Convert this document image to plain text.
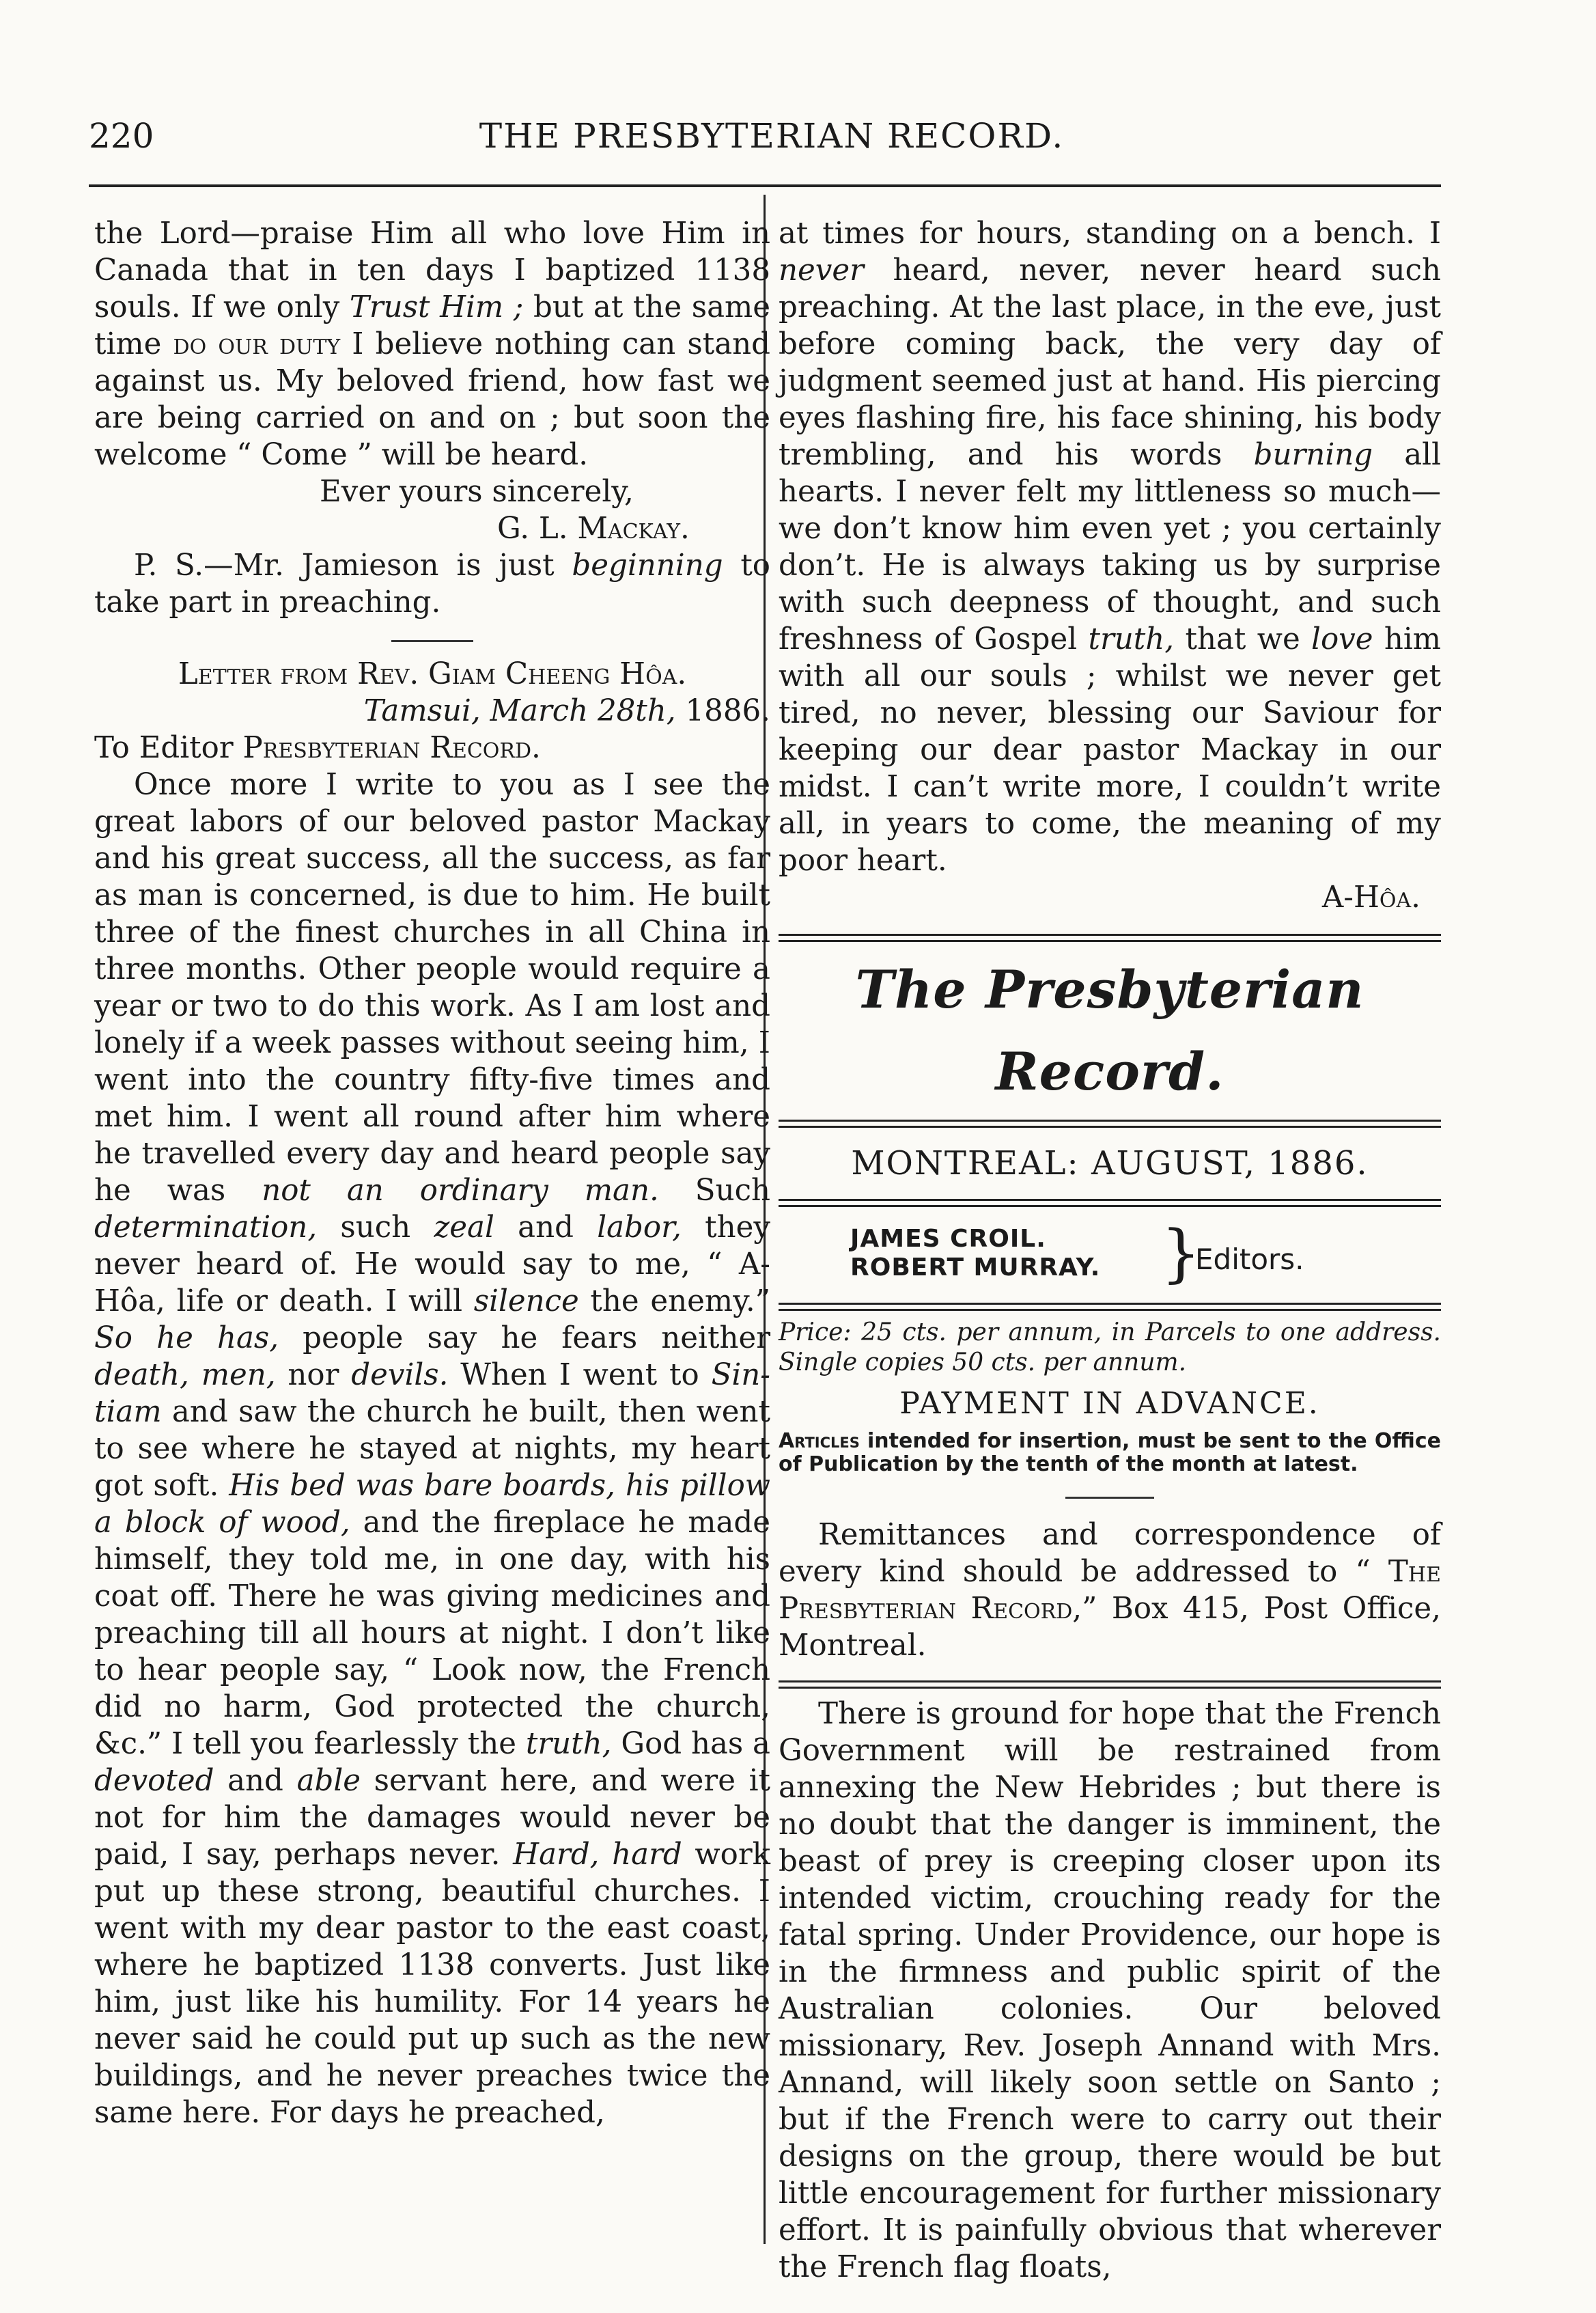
220	THE PRESBYTERIAN RECORD.

the Lord—praise Him all who love Him in Canada that in ten days I baptized 1138 souls. If we only Trust Him ; but at the same time do our duty I believe nothing can stand against us. My beloved friend, how fast we are being carried on and on ; but soon the welcome “ Come ” will be heard.

Ever yours sincerely,

G. L. Mackay.

P. S.—Mr. Jamieson is just beginning to take part in preaching.

Letter from Rev. Giam Cheeng Hôa.

Tamsui, March 28th, 1886.

To Editor Presbyterian Record.

Once more I write to you as I see the great labors of our beloved pastor Mackay and his great success, all the success, as far as man is concerned, is due to him. He built three of the finest churches in all China in three months. Other people would require a year or two to do this work. As I am lost and lonely if a week passes without seeing him, I went into the country fifty-five times and met him. I went all round after him where he travelled every day and heard people say he was not an ordinary man. Such determination, such zeal and labor, they never heard of. He would say to me, “ A-Hôa, life or death. I will silence the enemy.” So he has, people say he fears neither death, men, nor devils. When I went to Sin-tiam and saw the church he built, then went to see where he stayed at nights, my heart got soft. His bed was bare boards, his pillow a block of wood, and the fireplace he made himself, they told me, in one day, with his coat off. There he was giving medicines and preaching till all hours at night. I don’t like to hear people say, “ Look now, the French did no harm, God protected the church, &c.” I tell you fearlessly the truth, God has a devoted and able servant here, and were it not for him the damages would never be paid, I say, perhaps never. Hard, hard work put up these strong, beautiful churches. I went with my dear pastor to the east coast, where he baptized 1138 converts. Just like him, just like his humility. For 14 years he never said he could put up such as the new buildings, and he never preaches twice the same here. For days he preached,

at times for hours, standing on a bench. I never heard, never, never heard such preaching. At the last place, in the eve, just before coming back, the very day of judgment seemed just at hand. His piercing eyes flashing fire, his face shining, his body trembling, and his words burning all hearts. I never felt my littleness so much—we don’t know him even yet ; you certainly don’t. He is always taking us by surprise with such deepness of thought, and such freshness of Gospel truth, that we love him with all our souls ; whilst we never get tired, no never, blessing our Saviour for keeping our dear pastor Mackay in our midst. I can’t write more, I couldn’t write all, in years to come, the meaning of my poor heart.

A-Hôa.

The Presbyterian Record.
MONTREAL: AUGUST, 1886.
JAMES CROIL.
ROBERT MURRAY. }
Editors.

Price: 25 cts. per annum, in Parcels to one address. Single copies 50 cts. per annum.

PAYMENT IN ADVANCE.

Articles intended for insertion, must be sent to the Office of Publication by the tenth of the month at latest.

Remittances and correspondence of every kind should be addressed to “ The Presbyterian Record,” Box 415, Post Office, Montreal.

There is ground for hope that the French Government will be restrained from annexing the New Hebrides ; but there is no doubt that the danger is imminent, the beast of prey is creeping closer upon its intended victim, crouching ready for the fatal spring. Under Providence, our hope is in the firmness and public spirit of the Australian colonies. Our beloved missionary, Rev. Joseph Annand with Mrs. Annand, will likely soon settle on Santo ; but if the French were to carry out their designs on the group, there would be but little encouragement for further missionary effort. It is painfully obvious that wherever the French flag floats,
